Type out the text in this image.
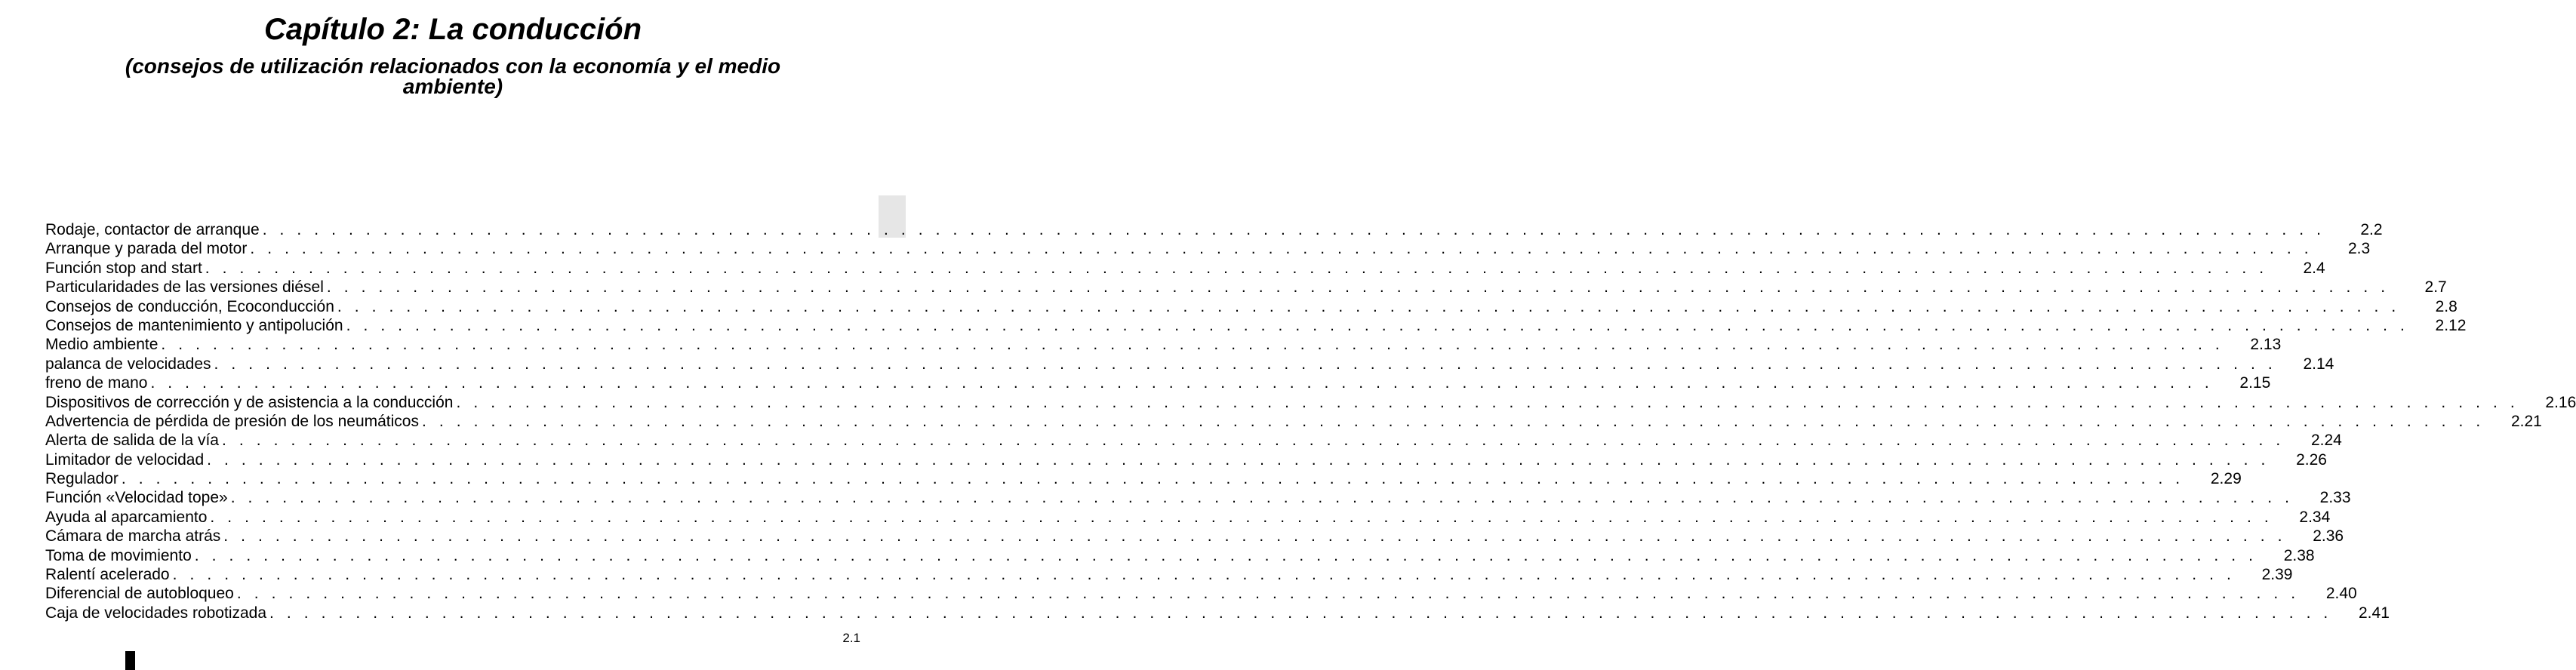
Capítulo 2: La conducción
(consejos de utilización relacionados con la economía y el medio ambiente)
Rodaje, contactor de arranque . . . . . . . . . . . . . . . . . . . . . . . . . . . . . . . . . . . . . . . . . . . . . . . . . . . . . . . . . . . . . . . . . . . . . . . . . . . . . . . . . . . . . . . . . . . . . . . . . . . . . . . . . . . . . . . . . . . . . . . .	2.2
Arranque y parada del motor . . . . . . . . . . . . . . . . . . . . . . . . . . . . . . . . . . . . . . . . . . . . . . . . . . . . . . . . . . . . . . . . . . . . . . . . . . . . . . . . . . . . . . . . . . . . . . . . . . . . . . . . . . . . . . . . . . . . . . . .	2.3
Función stop and start . . . . . . . . . . . . . . . . . . . . . . . . . . . . . . . . . . . . . . . . . . . . . . . . . . . . . . . . . . . . . . . . . . . . . . . . . . . . . . . . . . . . . . . . . . . . . . . . . . . . . . . . . . . . . . . . . . . . . . . .	2.4
Particularidades de las versiones diésel . . . . . . . . . . . . . . . . . . . . . . . . . . . . . . . . . . . . . . . . . . . . . . . . . . . . . . . . . . . . . . . . . . . . . . . . . . . . . . . . . . . . . . . . . . . . . . . . . . . . . . . . . . . . . . . . . . . . . . . .	2.7
Consejos de conducción, Ecoconducción . . . . . . . . . . . . . . . . . . . . . . . . . . . . . . . . . . . . . . . . . . . . . . . . . . . . . . . . . . . . . . . . . . . . . . . . . . . . . . . . . . . . . . . . . . . . . . . . . . . . . . . . . . . . . . . . . . . . . . . .	2.8
Consejos de mantenimiento y antipolución . . . . . . . . . . . . . . . . . . . . . . . . . . . . . . . . . . . . . . . . . . . . . . . . . . . . . . . . . . . . . . . . . . . . . . . . . . . . . . . . . . . . . . . . . . . . . . . . . . . . . . . . . . . . . . . . . . . . . . . .	2.12
Medio ambiente . . . . . . . . . . . . . . . . . . . . . . . . . . . . . . . . . . . . . . . . . . . . . . . . . . . . . . . . . . . . . . . . . . . . . . . . . . . . . . . . . . . . . . . . . . . . . . . . . . . . . . . . . . . . . . . . . . . . . . . .	2.13
palanca de velocidades . . . . . . . . . . . . . . . . . . . . . . . . . . . . . . . . . . . . . . . . . . . . . . . . . . . . . . . . . . . . . . . . . . . . . . . . . . . . . . . . . . . . . . . . . . . . . . . . . . . . . . . . . . . . . . . . . . . . . . . .	2.14
freno de mano . . . . . . . . . . . . . . . . . . . . . . . . . . . . . . . . . . . . . . . . . . . . . . . . . . . . . . . . . . . . . . . . . . . . . . . . . . . . . . . . . . . . . . . . . . . . . . . . . . . . . . . . . . . . . . . . . . . . . . . .	2.15
Dispositivos de corrección y de asistencia a la conducción . . . . . . . . . . . . . . . . . . . . . . . . . . . . . . . . . . . . . . . . . . . . . . . . . . . . . . . . . . . . . . . . . . . . . . . . . . . . . . . . . . . . . . . . . . . . . . . . . . . . . . . . . . . . . . . . . . . . . . . .	2.16
Advertencia de pérdida de presión de los neumáticos . . . . . . . . . . . . . . . . . . . . . . . . . . . . . . . . . . . . . . . . . . . . . . . . . . . . . . . . . . . . . . . . . . . . . . . . . . . . . . . . . . . . . . . . . . . . . . . . . . . . . . . . . . . . . . . . . . . . . . . .	2.21
Alerta de salida de la vía . . . . . . . . . . . . . . . . . . . . . . . . . . . . . . . . . . . . . . . . . . . . . . . . . . . . . . . . . . . . . . . . . . . . . . . . . . . . . . . . . . . . . . . . . . . . . . . . . . . . . . . . . . . . . . . . . . . . . . . .	2.24
Limitador de velocidad . . . . . . . . . . . . . . . . . . . . . . . . . . . . . . . . . . . . . . . . . . . . . . . . . . . . . . . . . . . . . . . . . . . . . . . . . . . . . . . . . . . . . . . . . . . . . . . . . . . . . . . . . . . . . . . . . . . . . . . .	2.26
Regulador . . . . . . . . . . . . . . . . . . . . . . . . . . . . . . . . . . . . . . . . . . . . . . . . . . . . . . . . . . . . . . . . . . . . . . . . . . . . . . . . . . . . . . . . . . . . . . . . . . . . . . . . . . . . . . . . . . . . . . . .	2.29
Función «Velocidad tope» . . . . . . . . . . . . . . . . . . . . . . . . . . . . . . . . . . . . . . . . . . . . . . . . . . . . . . . . . . . . . . . . . . . . . . . . . . . . . . . . . . . . . . . . . . . . . . . . . . . . . . . . . . . . . . . . . . . . . . . .	2.33
Ayuda al aparcamiento . . . . . . . . . . . . . . . . . . . . . . . . . . . . . . . . . . . . . . . . . . . . . . . . . . . . . . . . . . . . . . . . . . . . . . . . . . . . . . . . . . . . . . . . . . . . . . . . . . . . . . . . . . . . . . . . . . . . . . . .	2.34
Cámara de marcha atrás . . . . . . . . . . . . . . . . . . . . . . . . . . . . . . . . . . . . . . . . . . . . . . . . . . . . . . . . . . . . . . . . . . . . . . . . . . . . . . . . . . . . . . . . . . . . . . . . . . . . . . . . . . . . . . . . . . . . . . . .	2.36
Toma de movimiento . . . . . . . . . . . . . . . . . . . . . . . . . . . . . . . . . . . . . . . . . . . . . . . . . . . . . . . . . . . . . . . . . . . . . . . . . . . . . . . . . . . . . . . . . . . . . . . . . . . . . . . . . . . . . . . . . . . . . . . .	2.38
Ralentí acelerado . . . . . . . . . . . . . . . . . . . . . . . . . . . . . . . . . . . . . . . . . . . . . . . . . . . . . . . . . . . . . . . . . . . . . . . . . . . . . . . . . . . . . . . . . . . . . . . . . . . . . . . . . . . . . . . . . . . . . . . .	2.39
Diferencial de autobloqueo . . . . . . . . . . . . . . . . . . . . . . . . . . . . . . . . . . . . . . . . . . . . . . . . . . . . . . . . . . . . . . . . . . . . . . . . . . . . . . . . . . . . . . . . . . . . . . . . . . . . . . . . . . . . . . . . . . . . . . . .	2.40
Caja de velocidades robotizada . . . . . . . . . . . . . . . . . . . . . . . . . . . . . . . . . . . . . . . . . . . . . . . . . . . . . . . . . . . . . . . . . . . . . . . . . . . . . . . . . . . . . . . . . . . . . . . . . . . . . . . . . . . . . . . . . . . . . . . .	2.41
2.1
